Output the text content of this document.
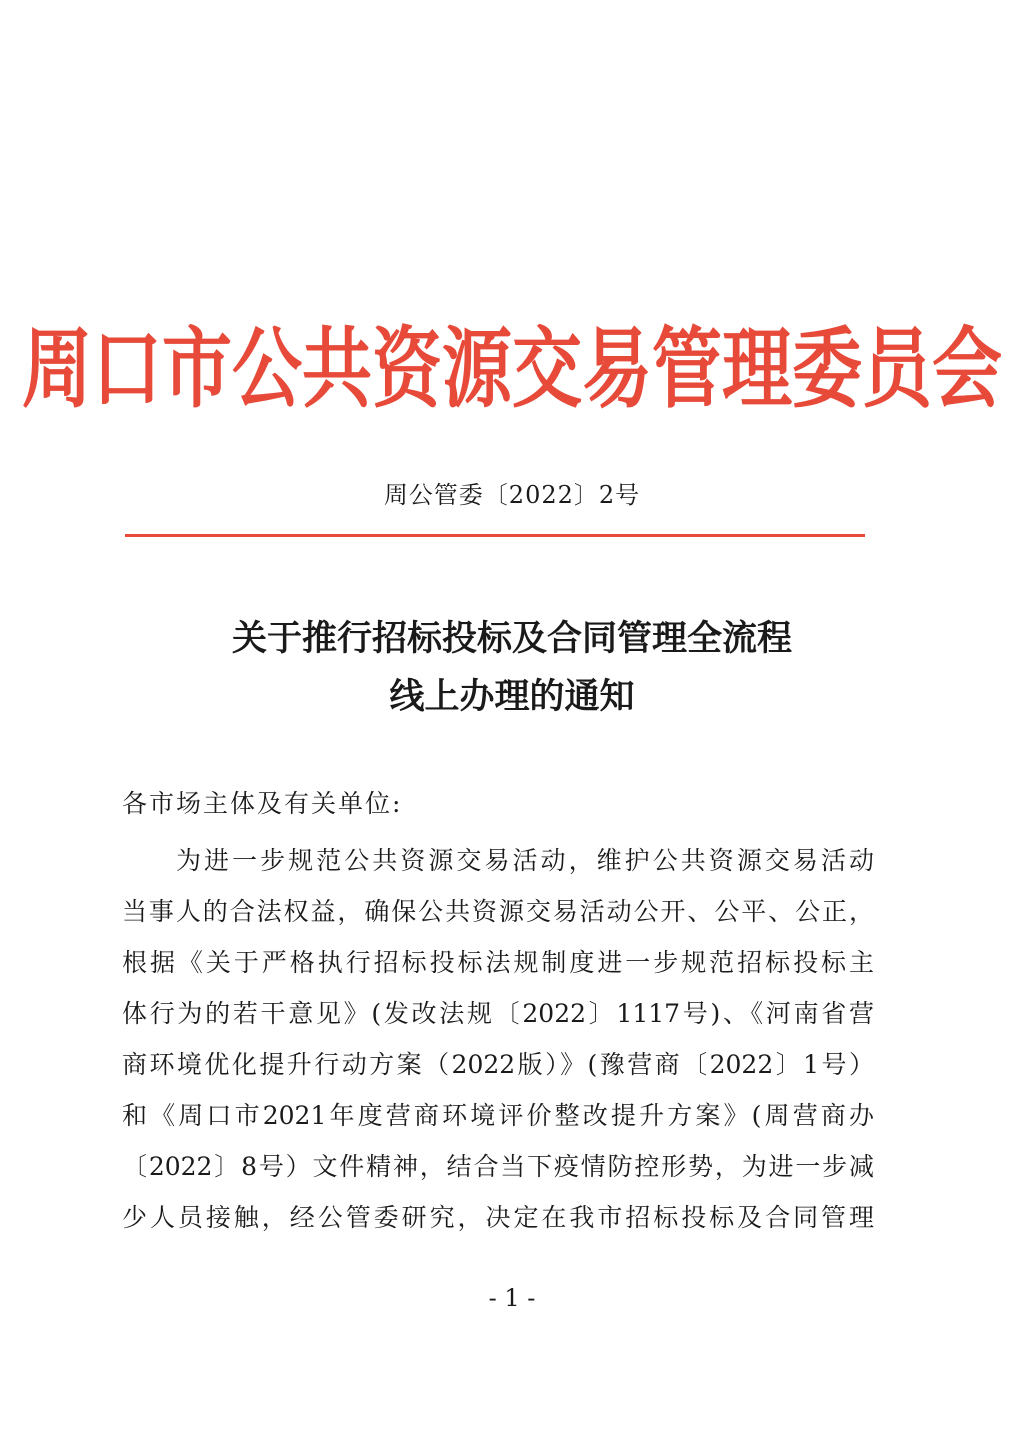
周口市公共资源交易管理委员会
周公管委〔2022〕2号
关于推行招标投标及合同管理全流程
线上办理的通知
各市场主体及有关单位:
为进一步规范公共资源交易活动，维护公共资源交易活动
当事人的合法权益，确保公共资源交易活动公开、公平、公正，
根据《关于严格执行招标投标法规制度进一步规范招标投标主
体行为的若干意见》(发改法规〔2022〕1117号)、《河南省营
商环境优化提升行动方案（2022版）》(豫营商〔2022〕1号）
和《周口市2021年度营商环境评价整改提升方案》(周营商办
〔2022〕8号）文件精神，结合当下疫情防控形势，为进一步减
少人员接触，经公管委研究，决定在我市招标投标及合同管理
- 1 -
